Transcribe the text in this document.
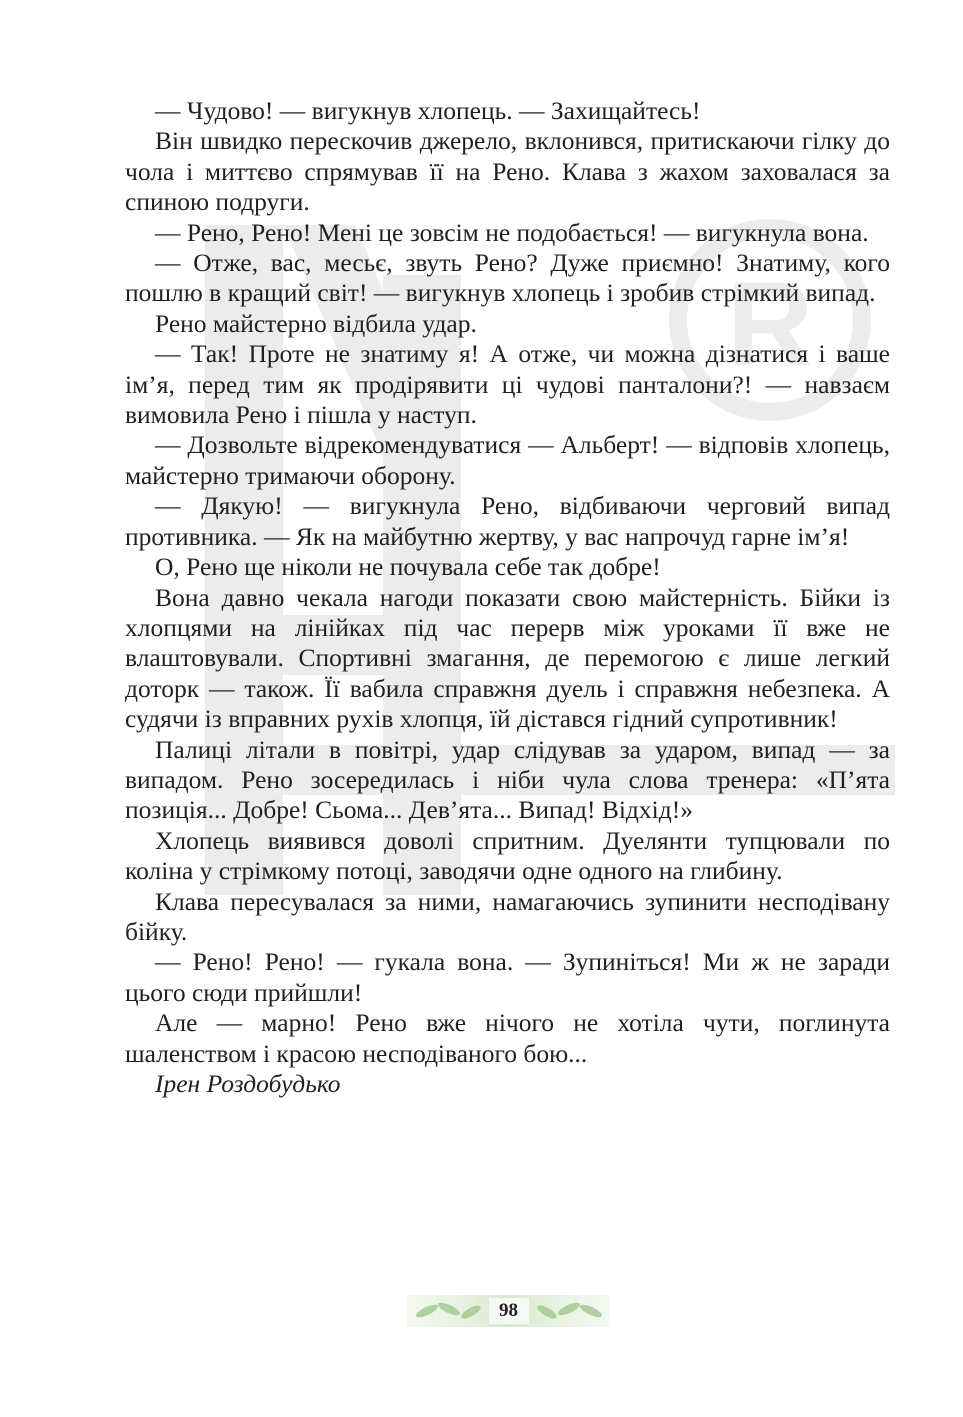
R

— Чудово! — вигукнув хлопець. — Захищайтесь!

Він швидко перескочив джерело, вклонився, притискаючи гілку до чола і миттєво спрямував її на Рено. Клава з жахом заховалася за спиною подруги.

— Рено, Рено! Мені це зовсім не подобається! — вигукнула вона.

— Отже, вас, месьє, звуть Рено? Дуже приємно! Знатиму, кого пошлю в кращий світ! — вигукнув хлопець і зробив стрімкий випад.

Рено майстерно відбила удар.

— Так! Проте не знатиму я! А отже, чи можна дізнатися і ваше ім’я, перед тим як продірявити ці чудові панталони?! — навзаєм вимовила Рено і пішла у наступ.

— Дозвольте відрекомендуватися — Альберт! — відповів хлопець, майстерно тримаючи оборону.

— Дякую! — вигукнула Рено, відбиваючи черговий випад противника. — Як на майбутню жертву, у вас напрочуд гарне ім’я!

О, Рено ще ніколи не почувала себе так добре!

Вона давно чекала нагоди показати свою майстерність. Бійки із хлопцями на лінійках під час перерв між уроками її вже не влаштовували. Спортивні змагання, де перемогою є лише легкий доторк — також. Її вабила справжня дуель і справжня небезпека. А судячи із вправних рухів хлопця, їй дістався гідний супротивник!

Палиці літали в повітрі, удар слідував за ударом, випад — за випадом. Рено зосередилась і ніби чула слова тренера: «П’ята позиція... Добре! Сьома... Дев’ята... Випад! Відхід!»

Хлопець виявився доволі спритним. Дуелянти тупцювали по коліна у стрімкому потоці, заводячи одне одного на глибину.

Клава пересувалася за ними, намагаючись зупинити несподівану бійку.

— Рено! Рено! — гукала вона. — Зупиніться! Ми ж не заради цього сюди прийшли!

Але — марно! Рено вже нічого не хотіла чути, поглинута шаленством і красою несподіваного бою...

Ірен Роздобудько

98
